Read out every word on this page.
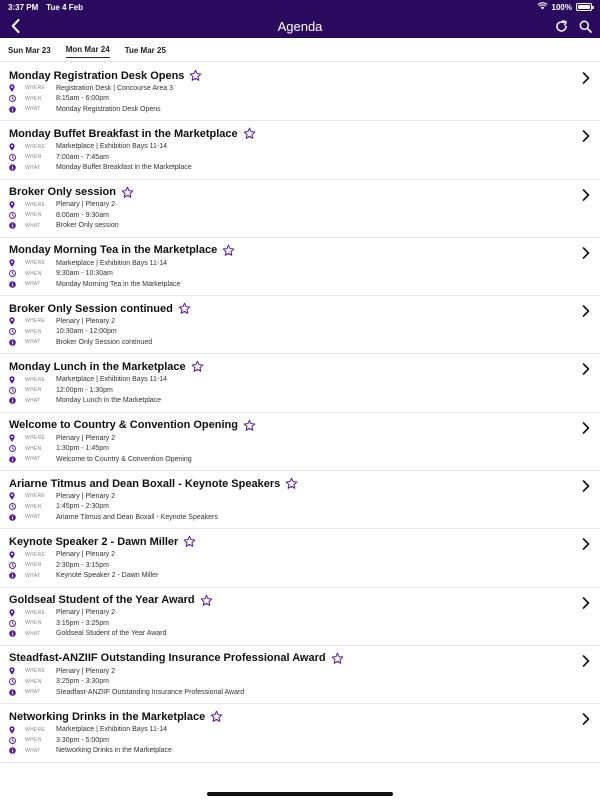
3:37 PM Tue 4 Feb	100%
Agenda
Sun Mar 23 Mon Mar 24 Tue Mar 25
Monday Registration Desk Opens
WHERE	Registration Desk | Concourse Area 3
WHEN	8:15am - 6:00pm
WHAT	Monday Registration Desk Opens
Monday Buffet Breakfast in the Marketplace
WHERE	Marketplace | Exhibition Bays 11-14
WHEN	7:00am - 7:45am
WHAT	Monday Buffet Breakfast in the Marketplace
Broker Only session
WHERE	Plenary | Plenary 2
WHEN	8:00am - 9:30am
WHAT	Broker Only session
Monday Morning Tea in the Marketplace
WHERE	Marketplace | Exhibition Bays 11-14
WHEN	9:30am - 10:30am
WHAT	Monday Morning Tea in the Marketplace
Broker Only Session continued
WHERE	Plenary | Plenary 2
WHEN	10:30am - 12:00pm
WHAT	Broker Only Session continued
Monday Lunch in the Marketplace
WHERE	Marketplace | Exhibition Bays 11-14
WHEN	12:00pm - 1:30pm
WHAT	Monday Lunch in the Marketplace
Welcome to Country & Convention Opening
WHERE	Plenary | Plenary 2
WHEN	1:30pm - 1:45pm
WHAT	Welcome to Country & Convention Opening
Ariarne Titmus and Dean Boxall - Keynote Speakers
WHERE	Plenary | Plenary 2
WHEN	1:45pm - 2:30pm
WHAT	Ariarne Titmus and Dean Boxall - Keynote Speakers
Keynote Speaker 2 - Dawn Miller
WHERE	Plenary | Plenary 2
WHEN	2:30pm - 3:15pm
WHAT	Keynote Speaker 2 - Dawn Miller
Goldseal Student of the Year Award
WHERE	Plenary | Plenary 2
WHEN	3:15pm - 3:25pm
WHAT	Goldseal Student of the Year Award
Steadfast-ANZIIF Outstanding Insurance Professional Award
WHERE	Plenary | Plenary 2
WHEN	3:25pm - 3:30pm
WHAT	Steadfast-ANZIIF Outstanding Insurance Professional Award
Networking Drinks in the Marketplace
WHERE	Marketplace | Exhibition Bays 11-14
WHEN	3:30pm - 5:00pm
WHAT	Networking Drinks in the Marketplace
